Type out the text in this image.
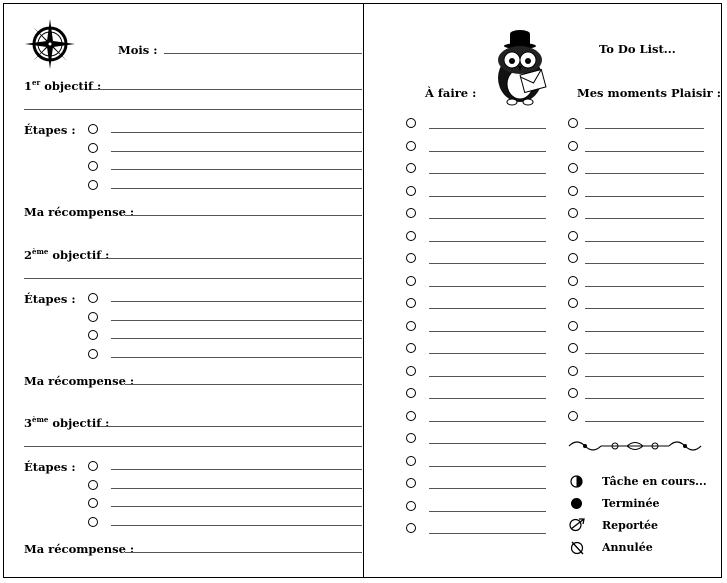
Mois :
1er objectif :
Étapes :
Ma récompense :
2ème objectif :
Étapes :
Ma récompense :
3ème objectif :
Étapes :
Ma récompense :
To Do List...
À faire :	Mes moments Plaisir :
Tâche en cours...
Terminée
Reportée
Annulée
